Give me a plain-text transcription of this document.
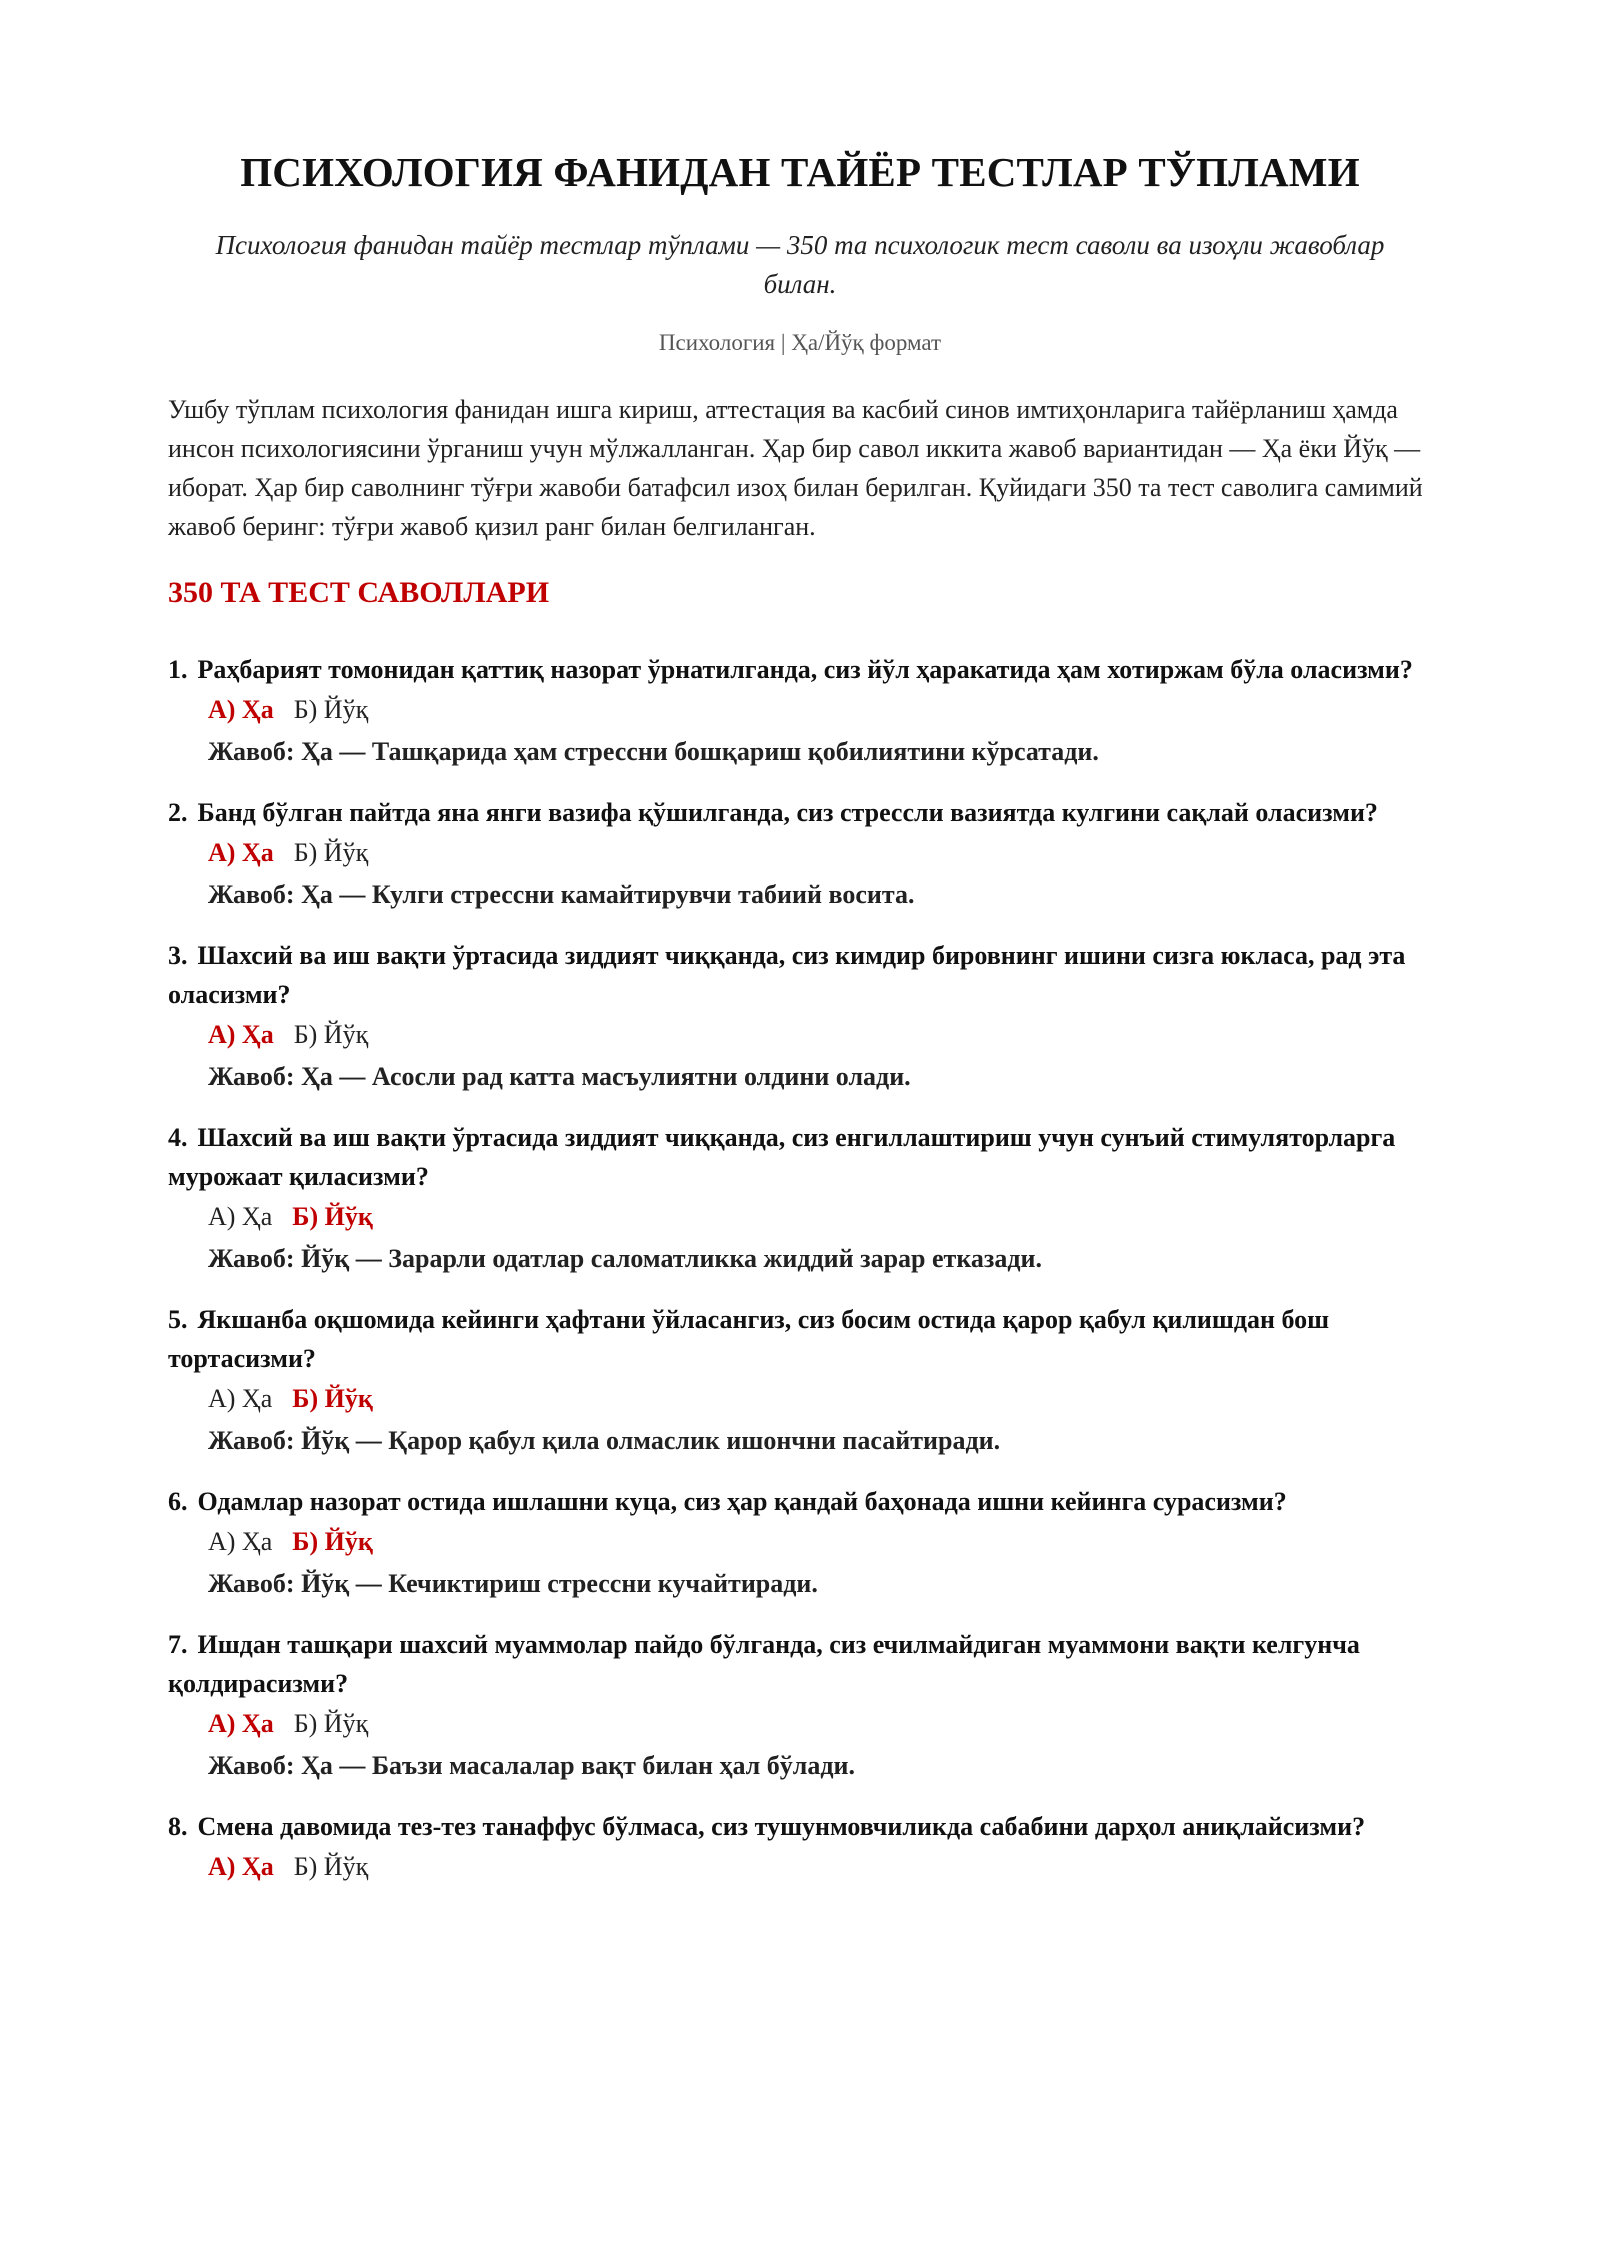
ПСИХОЛОГИЯ ФАНИДАН ТАЙЁР ТЕСТЛАР ТЎПЛАМИ

Психология фанидан тайёр тестлар тўплами — 350 та психологик тест саволи ва изоҳли жавоблар билан.

Психология | Ҳа/Йўқ формат

Ушбу тўплам психология фанидан ишга кириш, аттестация ва касбий синов имтиҳонларига тайёрланиш ҳамда инсон психологиясини ўрганиш учун мўлжалланган. Ҳар бир савол иккита жавоб вариантидан — Ҳа ёки Йўқ — иборат. Ҳар бир саволнинг тўғри жавоби батафсил изоҳ билан берилган. Қуйидаги 350 та тест саволига самимий жавоб беринг: тўғри жавоб қизил ранг билан белгиланган.

350 ТА ТЕСТ САВОЛЛАРИ
1. Раҳбарият томонидан қаттиқ назорат ўрнатилганда, сиз йўл ҳаракатида ҳам хотиржам бўла оласизми?
А) Ҳа Б) Йўқ
Жавоб: Ҳа — Ташқарида ҳам стрессни бошқариш қобилиятини кўрсатади.
2. Банд бўлган пайтда яна янги вазифа қўшилганда, сиз стрессли вазиятда кулгини сақлай оласизми?
А) Ҳа Б) Йўқ
Жавоб: Ҳа — Кулги стрессни камайтирувчи табиий восита.
3. Шахсий ва иш вақти ўртасида зиддият чиққанда, сиз кимдир бировнинг ишини сизга юкласа, рад эта оласизми?
А) Ҳа Б) Йўқ
Жавоб: Ҳа — Асосли рад катта масъулиятни олдини олади.
4. Шахсий ва иш вақти ўртасида зиддият чиққанда, сиз енгиллаштириш учун сунъий стимуляторларга мурожаат қиласизми?
А) Ҳа Б) Йўқ
Жавоб: Йўқ — Зарарли одатлар саломатликка жиддий зарар етказади.
5. Якшанба оқшомида кейинги ҳафтани ўйласангиз, сиз босим остида қарор қабул қилишдан бош тортасизми?
А) Ҳа Б) Йўқ
Жавоб: Йўқ — Қарор қабул қила олмаслик ишончни пасайтиради.
6. Одамлар назорат остида ишлашни куца, сиз ҳар қандай баҳонада ишни кейинга сурасизми?
А) Ҳа Б) Йўқ
Жавоб: Йўқ — Кечиктириш стрессни кучайтиради.
7. Ишдан ташқари шахсий муаммолар пайдо бўлганда, сиз ечилмайдиган муаммони вақти келгунча қолдирасизми?
А) Ҳа Б) Йўқ
Жавоб: Ҳа — Баъзи масалалар вақт билан ҳал бўлади.
8. Смена давомида тез-тез танаффус бўлмаса, сиз тушунмовчиликда сабабини дарҳол аниқлайсизми?
А) Ҳа Б) Йўқ
